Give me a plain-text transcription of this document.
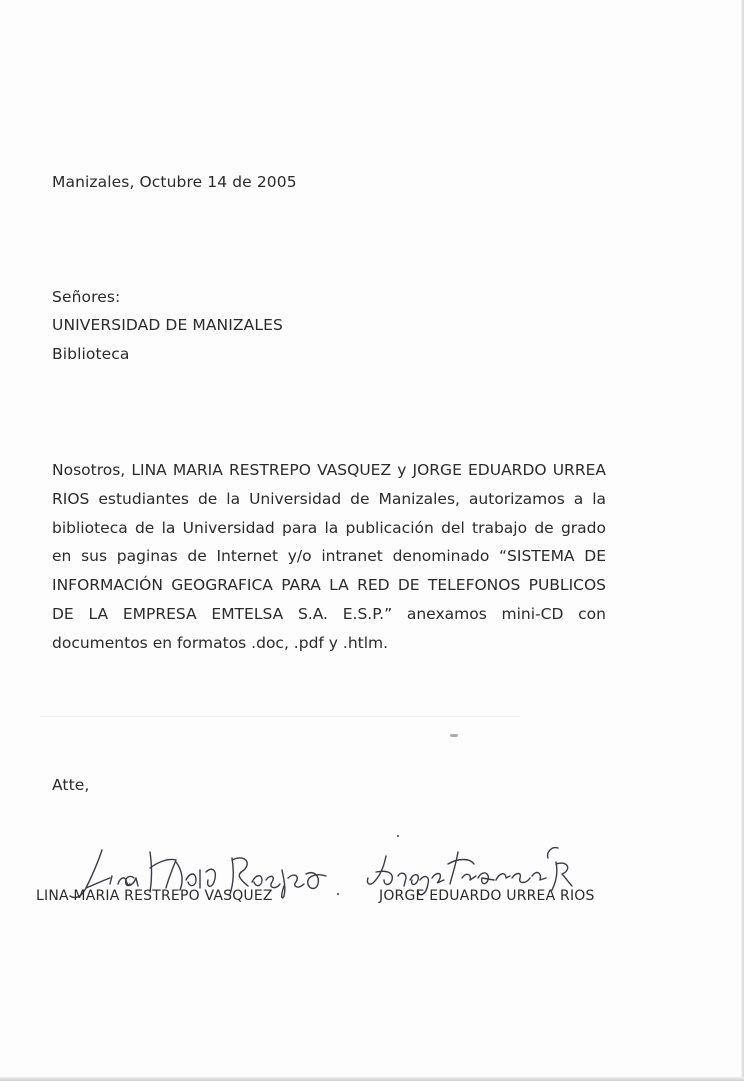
Manizales, Octubre 14 de 2005
Señores:
UNIVERSIDAD DE MANIZALES
Biblioteca
Nosotros, LINA MARIA RESTREPO VASQUEZ y JORGE EDUARDO URREA RIOS estudiantes de la Universidad de Manizales, autorizamos a la biblioteca de la Universidad para la publicación del trabajo de grado en sus paginas de Internet y/o intranet denominado “SISTEMA DE INFORMACIÓN GEOGRAFICA PARA LA RED DE TELEFONOS PUBLICOS DE LA EMPRESA EMTELSA S.A. E.S.P.” anexamos mini-CD con documentos en formatos .doc, .pdf y .htlm.
Atte,
LINA MARIA RESTREPO VASQUEZ	JORGE EDUARDO URREA RIOS
